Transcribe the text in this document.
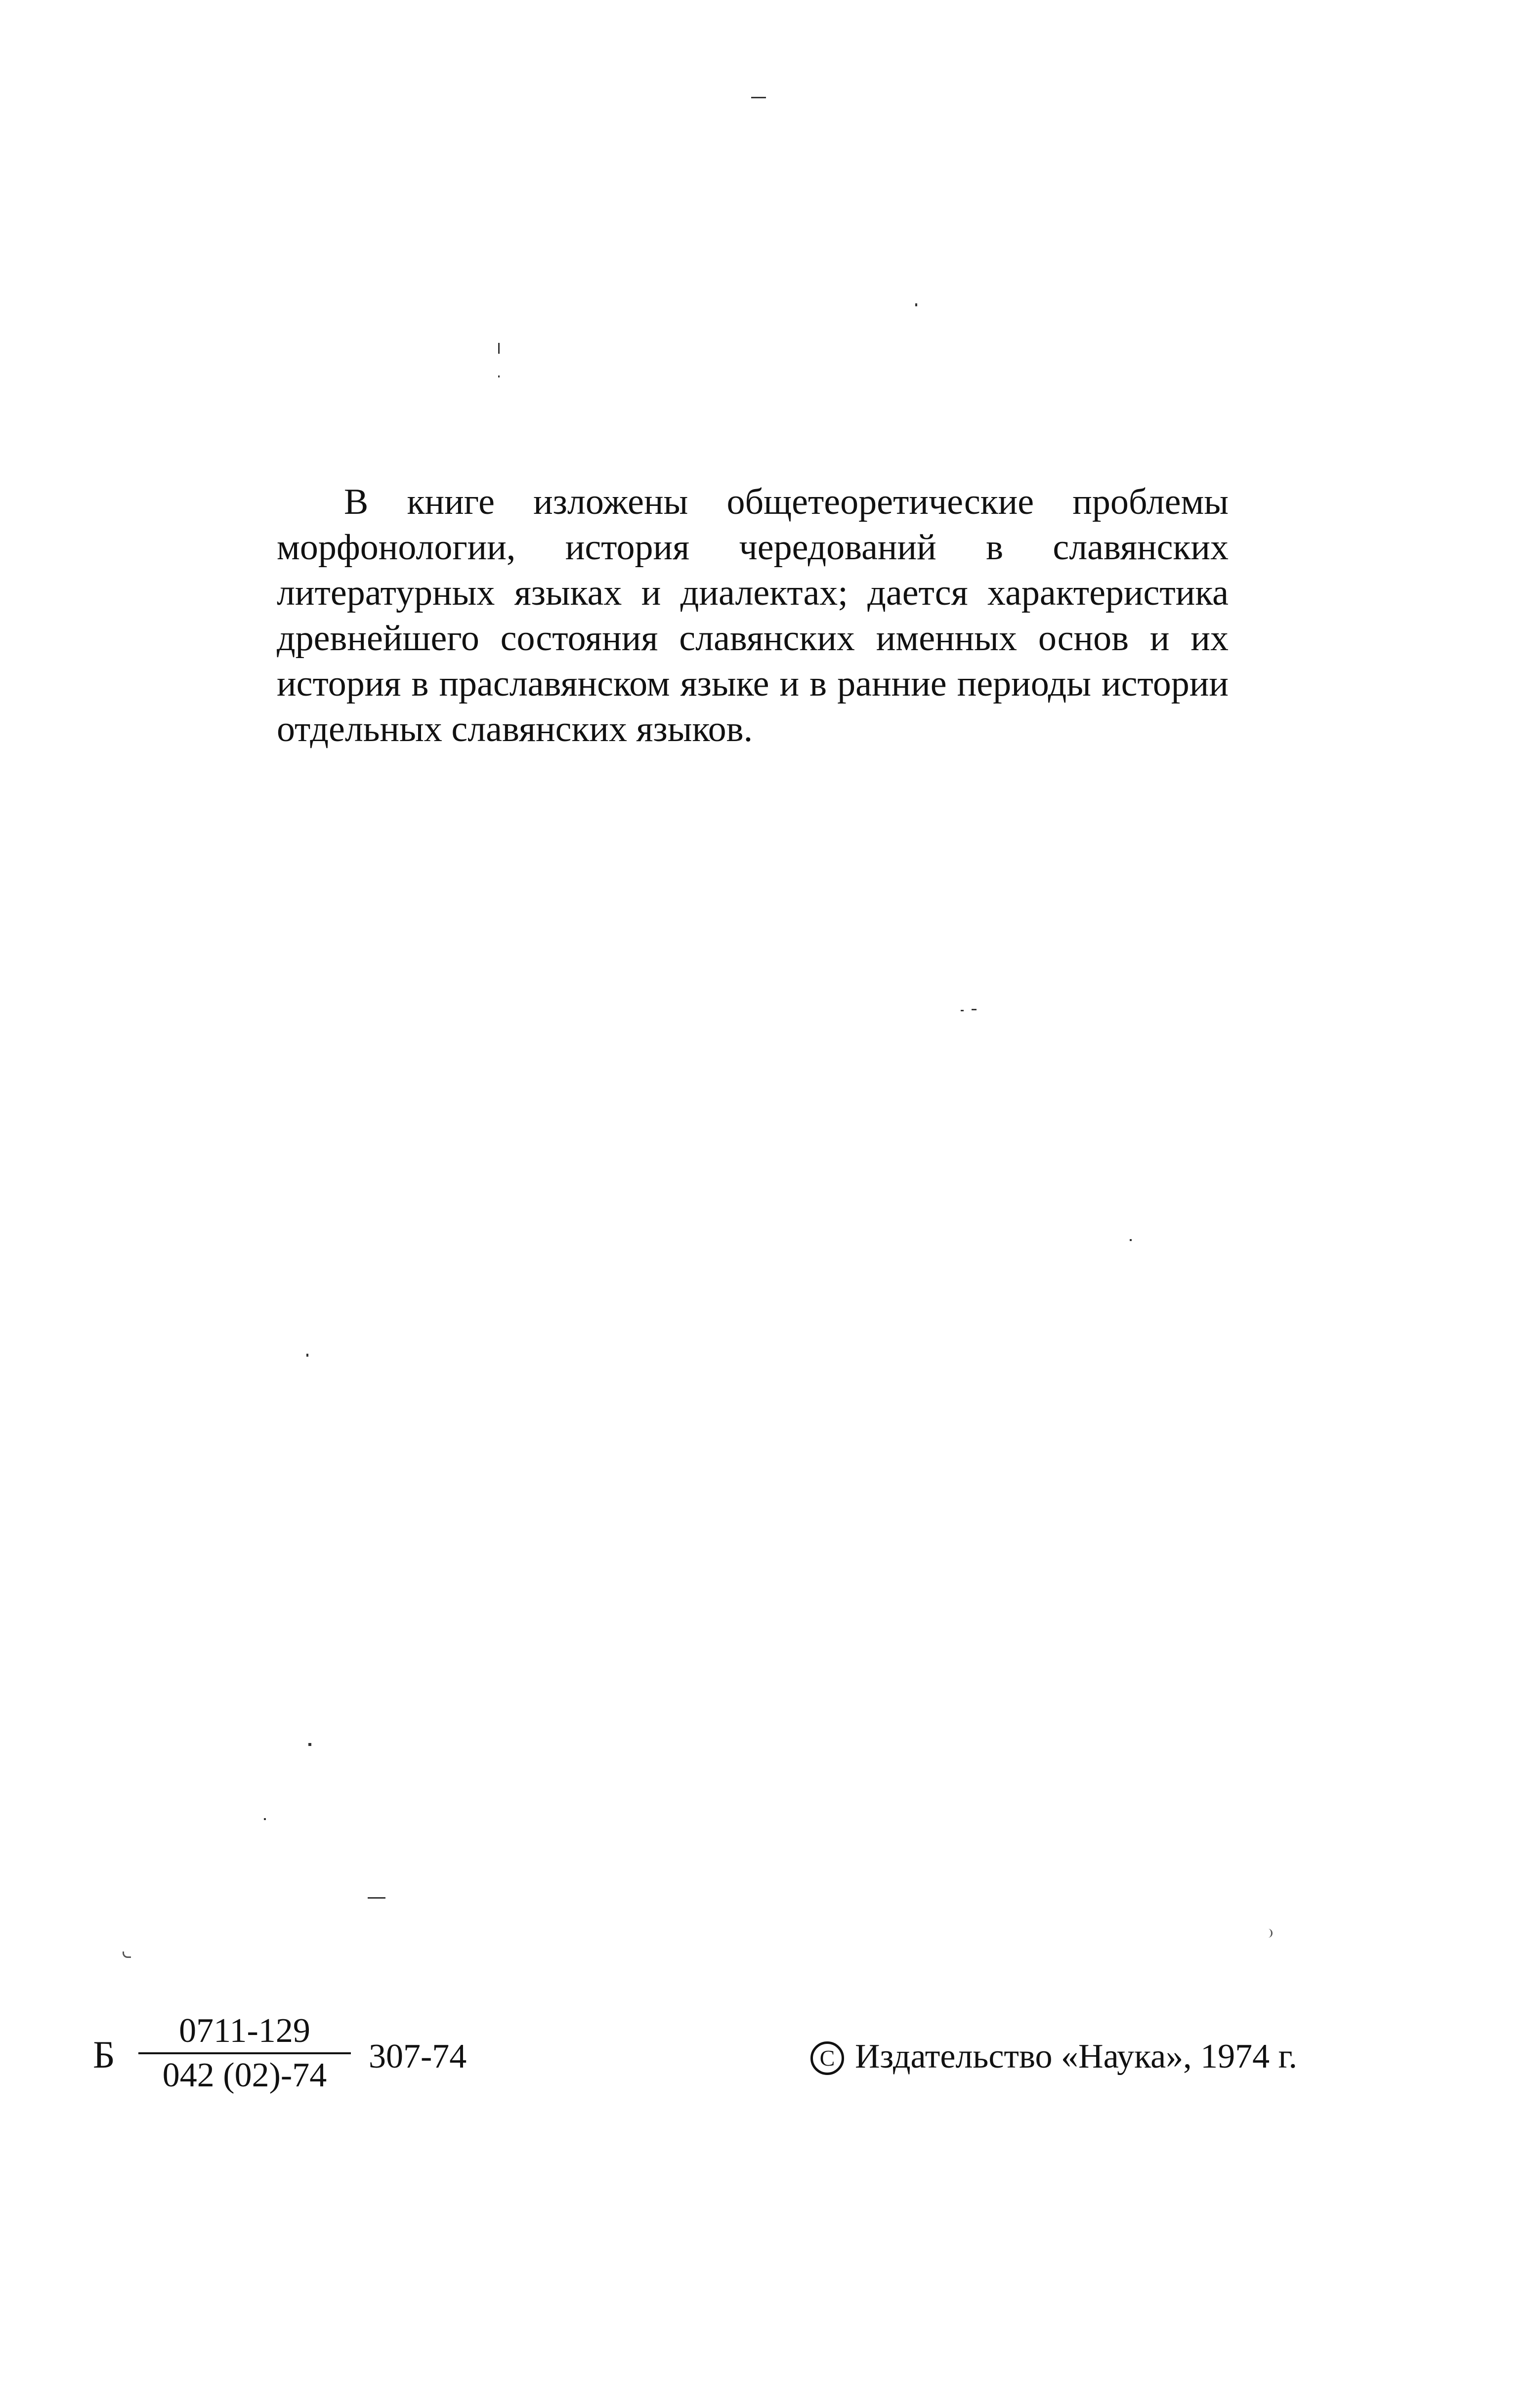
В книге изложены общетеоретические проблемы морфонологии, история чередований в славянских литературных языках и диалектах; дается характеристика древнейшего состояния славянских именных основ и их история в праславянском языке и в ранние периоды истории отдельных славянских языков.

Б
0711-129
042 (02)-74	307-74	C Издательство «Наука», 1974 г.
